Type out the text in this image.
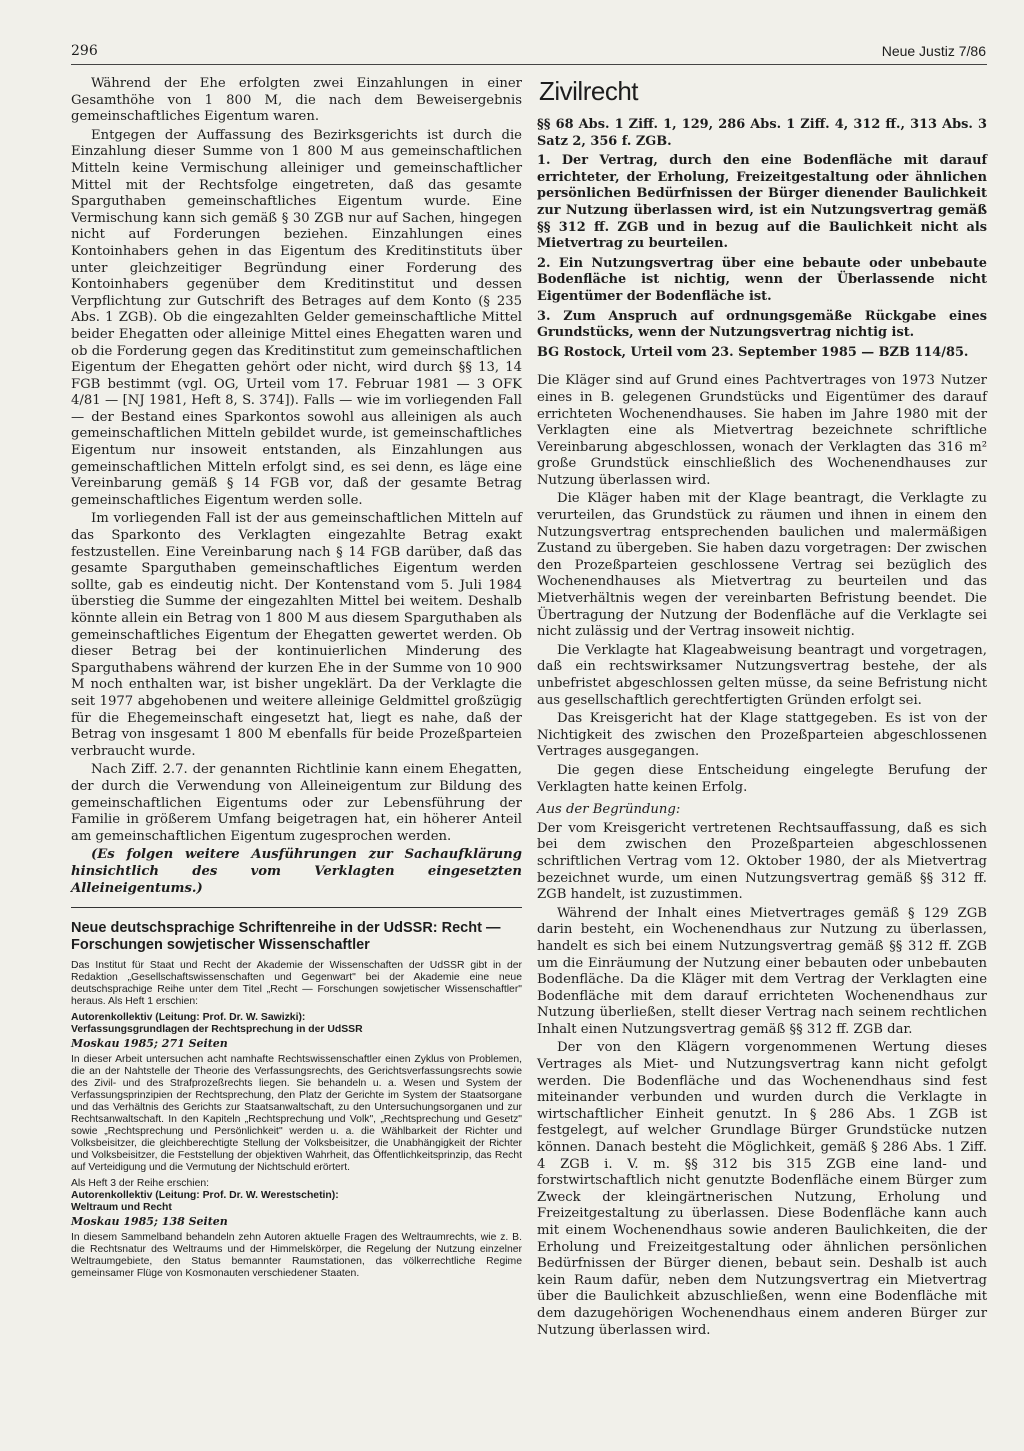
296	Neue Justiz 7/86

Während der Ehe erfolgten zwei Einzahlungen in einer Gesamthöhe von 1 800 M, die nach dem Beweisergebnis gemeinschaftliches Eigentum waren.

Entgegen der Auffassung des Bezirksgerichts ist durch die Einzahlung dieser Summe von 1 800 M aus gemeinschaftlichen Mitteln keine Vermischung alleiniger und gemeinschaftlicher Mittel mit der Rechtsfolge eingetreten, daß das gesamte Sparguthaben gemeinschaftliches Eigentum wurde. Eine Vermischung kann sich gemäß § 30 ZGB nur auf Sachen, hingegen nicht auf Forderungen beziehen. Einzahlungen eines Kontoinhabers gehen in das Eigentum des Kreditinstituts über unter gleichzeitiger Begründung einer Forderung des Kontoinhabers gegenüber dem Kreditinstitut und dessen Verpflichtung zur Gutschrift des Betrages auf dem Konto (§ 235 Abs. 1 ZGB). Ob die eingezahlten Gelder gemeinschaftliche Mittel beider Ehegatten oder alleinige Mittel eines Ehegatten waren und ob die Forderung gegen das Kreditinstitut zum gemeinschaftlichen Eigentum der Ehegatten gehört oder nicht, wird durch §§ 13, 14 FGB bestimmt (vgl. OG, Urteil vom 17. Februar 1981 — 3 OFK 4/81 — [NJ 1981, Heft 8, S. 374]). Falls — wie im vorliegenden Fall — der Bestand eines Sparkontos sowohl aus alleinigen als auch gemeinschaftlichen Mitteln gebildet wurde, ist gemeinschaftliches Eigentum nur insoweit entstanden, als Einzahlungen aus gemeinschaftlichen Mitteln erfolgt sind, es sei denn, es läge eine Vereinbarung gemäß § 14 FGB vor, daß der gesamte Betrag gemeinschaftliches Eigentum werden solle.

Im vorliegenden Fall ist der aus gemeinschaftlichen Mitteln auf das Sparkonto des Verklagten eingezahlte Betrag exakt festzustellen. Eine Vereinbarung nach § 14 FGB darüber, daß das gesamte Sparguthaben gemeinschaftliches Eigentum werden sollte, gab es eindeutig nicht. Der Kontenstand vom 5. Juli 1984 überstieg die Summe der eingezahlten Mittel bei weitem. Deshalb könnte allein ein Betrag von 1 800 M aus diesem Sparguthaben als gemeinschaftliches Eigentum der Ehegatten gewertet werden. Ob dieser Betrag bei der kontinuierlichen Minderung des Sparguthabens während der kurzen Ehe in der Summe von 10 900 M noch enthalten war, ist bisher ungeklärt. Da der Verklagte die seit 1977 abgehobenen und weitere alleinige Geldmittel großzügig für die Ehegemeinschaft eingesetzt hat, liegt es nahe, daß der Betrag von insgesamt 1 800 M ebenfalls für beide Prozeßparteien verbraucht wurde.

Nach Ziff. 2.7. der genannten Richtlinie kann einem Ehegatten, der durch die Verwendung von Alleineigentum zur Bildung des gemeinschaftlichen Eigentums oder zur Lebensführung der Familie in größerem Umfang beigetragen hat, ein höherer Anteil am gemeinschaftlichen Eigentum zugesprochen werden.

(Es folgen weitere Ausführungen zur Sachaufklärung hinsichtlich des vom Verklagten eingesetzten Alleineigentums.)

Neue deutschsprachige Schriftenreihe in der UdSSR: Recht — Forschungen sowjetischer Wissenschaftler

Das Institut für Staat und Recht der Akademie der Wissenschaften der UdSSR gibt in der Redaktion „Gesellschaftswissenschaften und Gegenwart" bei der Akademie eine neue deutschsprachige Reihe unter dem Titel „Recht — Forschungen sowjetischer Wissenschaftler" heraus. Als Heft 1 erschien:

Autorenkollektiv (Leitung: Prof. Dr. W. Sawizki):

Verfassungsgrundlagen der Rechtsprechung in der UdSSR

Moskau 1985; 271 Seiten

In dieser Arbeit untersuchen acht namhafte Rechtswissenschaftler einen Zyklus von Problemen, die an der Nahtstelle der Theorie des Verfassungsrechts, des Gerichtsverfassungsrechts sowie des Zivil- und des Strafprozeßrechts liegen. Sie behandeln u. a. Wesen und System der Verfassungsprinzipien der Rechtsprechung, den Platz der Gerichte im System der Staatsorgane und das Verhältnis des Gerichts zur Staatsanwaltschaft, zu den Untersuchungsorganen und zur Rechtsanwaltschaft. In den Kapiteln „Rechtsprechung und Volk", „Rechtsprechung und Gesetz" sowie „Rechtsprechung und Persönlichkeit" werden u. a. die Wählbarkeit der Richter und Volksbeisitzer, die gleichberechtigte Stellung der Volksbeisitzer, die Unabhängigkeit der Richter und Volksbeisitzer, die Feststellung der objektiven Wahrheit, das Öffentlichkeitsprinzip, das Recht auf Verteidigung und die Vermutung der Nichtschuld erörtert.

Als Heft 3 der Reihe erschien:

Autorenkollektiv (Leitung: Prof. Dr. W. Werestschetin):

Weltraum und Recht

Moskau 1985; 138 Seiten

In diesem Sammelband behandeln zehn Autoren aktuelle Fragen des Weltraumrechts, wie z. B. die Rechtsnatur des Weltraums und der Himmelskörper, die Regelung der Nutzung einzelner Weltraumgebiete, den Status bemannter Raumstationen, das völkerrechtliche Regime gemeinsamer Flüge von Kosmonauten verschiedener Staaten.

Zivilrecht

§§ 68 Abs. 1 Ziff. 1, 129, 286 Abs. 1 Ziff. 4, 312 ff., 313 Abs. 3 Satz 2, 356 f. ZGB.

1. Der Vertrag, durch den eine Bodenfläche mit darauf errichteter, der Erholung, Freizeitgestaltung oder ähnlichen persönlichen Bedürfnissen der Bürger dienender Baulichkeit zur Nutzung überlassen wird, ist ein Nutzungsvertrag gemäß §§ 312 ff. ZGB und in bezug auf die Baulichkeit nicht als Mietvertrag zu beurteilen.

2. Ein Nutzungsvertrag über eine bebaute oder unbebaute Bodenfläche ist nichtig, wenn der Überlassende nicht Eigentümer der Bodenfläche ist.

3. Zum Anspruch auf ordnungsgemäße Rückgabe eines Grundstücks, wenn der Nutzungsvertrag nichtig ist.

BG Rostock, Urteil vom 23. September 1985 — BZB 114/85.

Die Kläger sind auf Grund eines Pachtvertrages von 1973 Nutzer eines in B. gelegenen Grundstücks und Eigentümer des darauf errichteten Wochenendhauses. Sie haben im Jahre 1980 mit der Verklagten eine als Mietvertrag bezeichnete schriftliche Vereinbarung abgeschlossen, wonach der Verklagten das 316 m² große Grundstück einschließlich des Wochenendhauses zur Nutzung überlassen wird.

Die Kläger haben mit der Klage beantragt, die Verklagte zu verurteilen, das Grundstück zu räumen und ihnen in einem den Nutzungsvertrag entsprechenden baulichen und malermäßigen Zustand zu übergeben. Sie haben dazu vorgetragen: Der zwischen den Prozeßparteien geschlossene Vertrag sei bezüglich des Wochenendhauses als Mietvertrag zu beurteilen und das Mietverhältnis wegen der vereinbarten Befristung beendet. Die Übertragung der Nutzung der Bodenfläche auf die Verklagte sei nicht zulässig und der Vertrag insoweit nichtig.

Die Verklagte hat Klageabweisung beantragt und vorgetragen, daß ein rechtswirksamer Nutzungsvertrag bestehe, der als unbefristet abgeschlossen gelten müsse, da seine Befristung nicht aus gesellschaftlich gerechtfertigten Gründen erfolgt sei.

Das Kreisgericht hat der Klage stattgegeben. Es ist von der Nichtigkeit des zwischen den Prozeßparteien abgeschlossenen Vertrages ausgegangen.

Die gegen diese Entscheidung eingelegte Berufung der Verklagten hatte keinen Erfolg.

Aus der Begründung:

Der vom Kreisgericht vertretenen Rechtsauffassung, daß es sich bei dem zwischen den Prozeßparteien abgeschlossenen schriftlichen Vertrag vom 12. Oktober 1980, der als Mietvertrag bezeichnet wurde, um einen Nutzungsvertrag gemäß §§ 312 ff. ZGB handelt, ist zuzustimmen.

Während der Inhalt eines Mietvertrages gemäß § 129 ZGB darin besteht, ein Wochenendhaus zur Nutzung zu überlassen, handelt es sich bei einem Nutzungsvertrag gemäß §§ 312 ff. ZGB um die Einräumung der Nutzung einer bebauten oder unbebauten Bodenfläche. Da die Kläger mit dem Vertrag der Verklagten eine Bodenfläche mit dem darauf errichteten Wochenendhaus zur Nutzung überließen, stellt dieser Vertrag nach seinem rechtlichen Inhalt einen Nutzungsvertrag gemäß §§ 312 ff. ZGB dar.

Der von den Klägern vorgenommenen Wertung dieses Vertrages als Miet- und Nutzungsvertrag kann nicht gefolgt werden. Die Bodenfläche und das Wochenendhaus sind fest miteinander verbunden und wurden durch die Verklagte in wirtschaftlicher Einheit genutzt. In § 286 Abs. 1 ZGB ist festgelegt, auf welcher Grundlage Bürger Grundstücke nutzen können. Danach besteht die Möglichkeit, gemäß § 286 Abs. 1 Ziff. 4 ZGB i. V. m. §§ 312 bis 315 ZGB eine land- und forstwirtschaftlich nicht genutzte Bodenfläche einem Bürger zum Zweck der kleingärtnerischen Nutzung, Erholung und Freizeitgestaltung zu überlassen. Diese Bodenfläche kann auch mit einem Wochenendhaus sowie anderen Baulichkeiten, die der Erholung und Freizeitgestaltung oder ähnlichen persönlichen Bedürfnissen der Bürger dienen, bebaut sein. Deshalb ist auch kein Raum dafür, neben dem Nutzungsvertrag ein Mietvertrag über die Baulichkeit abzuschließen, wenn eine Bodenfläche mit dem dazugehörigen Wochenendhaus einem anderen Bürger zur Nutzung überlassen wird.
